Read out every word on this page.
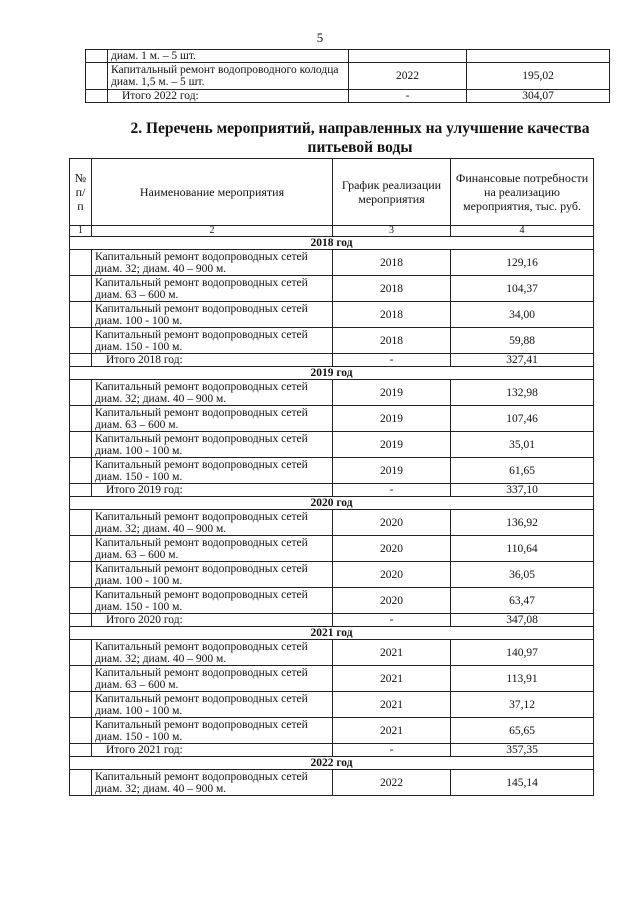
5
	диам. 1 м. – 5 шт.		
	Капитальный ремонт водопроводного колодца диам. 1,5 м. – 5 шт.	2022	195,02
	Итого 2022 год:	-	304,07
2. Перечень мероприятий, направленных на улучшение качества питьевой воды
№ п/п	Наименование мероприятия	График реализации мероприятия	Финансовые потребности на реализацию мероприятия, тыс. руб.
1	2	3	4
2018 год			
	Капитальный ремонт водопроводных сетей диам. 32; диам. 40 – 900 м.	2018	129,16
	Капитальный ремонт водопроводных сетей диам. 63 – 600 м.	2018	104,37
	Капитальный ремонт водопроводных сетей диам. 100 - 100 м.	2018	34,00
	Капитальный ремонт водопроводных сетей диам. 150 - 100 м.	2018	59,88
	Итого 2018 год:	-	327,41
2019 год			
	Капитальный ремонт водопроводных сетей диам. 32; диам. 40 – 900 м.	2019	132,98
	Капитальный ремонт водопроводных сетей диам. 63 – 600 м.	2019	107,46
	Капитальный ремонт водопроводных сетей диам. 100 - 100 м.	2019	35,01
	Капитальный ремонт водопроводных сетей диам. 150 - 100 м.	2019	61,65
	Итого 2019 год:	-	337,10
2020 год			
	Капитальный ремонт водопроводных сетей диам. 32; диам. 40 – 900 м.	2020	136,92
	Капитальный ремонт водопроводных сетей диам. 63 – 600 м.	2020	110,64
	Капитальный ремонт водопроводных сетей диам. 100 - 100 м.	2020	36,05
	Капитальный ремонт водопроводных сетей диам. 150 - 100 м.	2020	63,47
	Итого 2020 год:	-	347,08
2021 год			
	Капитальный ремонт водопроводных сетей диам. 32; диам. 40 – 900 м.	2021	140,97
	Капитальный ремонт водопроводных сетей диам. 63 – 600 м.	2021	113,91
	Капитальный ремонт водопроводных сетей диам. 100 - 100 м.	2021	37,12
	Капитальный ремонт водопроводных сетей диам. 150 - 100 м.	2021	65,65
	Итого 2021 год:	-	357,35
2022 год			
	Капитальный ремонт водопроводных сетей диам. 32; диам. 40 – 900 м.	2022	145,14
